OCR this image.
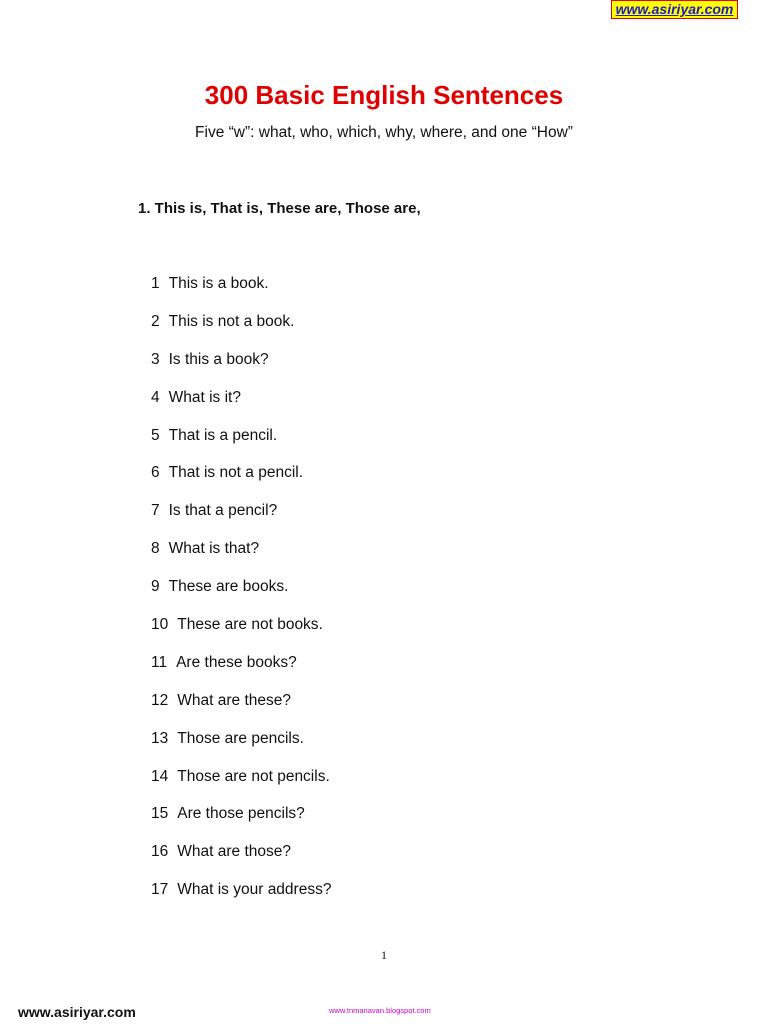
www.asiriyar.com
300 Basic English Sentences
Five “w”: what, who, which, why, where, and one “How”
1. This is, That is, These are, Those are,
1 This is a book.
2 This is not a book.
3 Is this a book?
4 What is it?
5 That is a pencil.
6 That is not a pencil.
7 Is that a pencil?
8 What is that?
9 These are books.
10 These are not books.
11 Are these books?
12 What are these?
13 Those are pencils.
14 Those are not pencils.
15 Are those pencils?
16 What are those?
17 What is your address?
1
www.asiriyar.com	www.tnmanavan.blogspot.com
